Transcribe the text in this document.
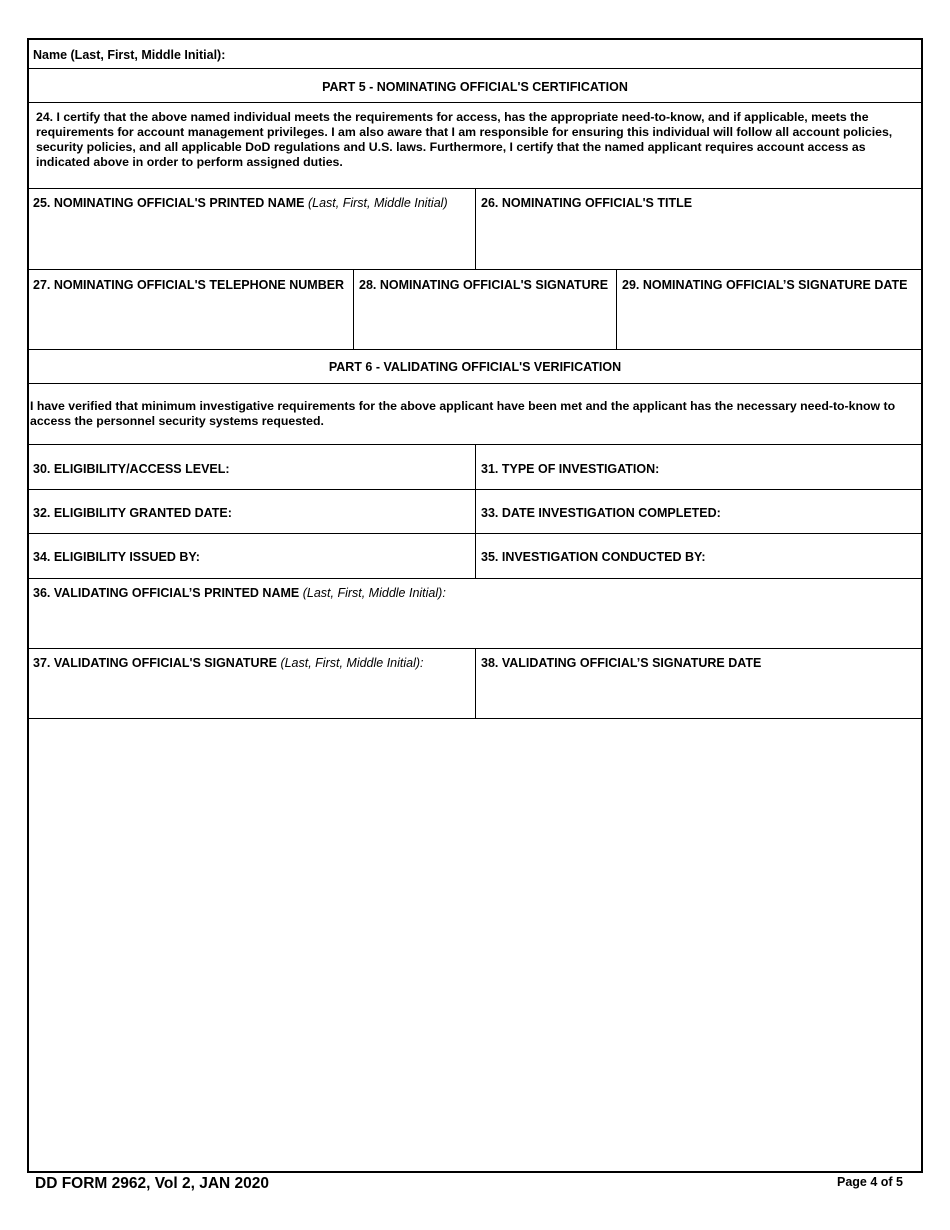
Name (Last, First, Middle Initial):
PART 5 - NOMINATING OFFICIAL'S CERTIFICATION
24. I certify that the above named individual meets the requirements for access, has the appropriate need-to-know, and if applicable, meets the requirements for account management privileges. I am also aware that I am responsible for ensuring this individual will follow all account policies, security policies, and all applicable DoD regulations and U.S. laws. Furthermore, I certify that the named applicant requires account access as indicated above in order to perform assigned duties.
25. NOMINATING OFFICIAL'S PRINTED NAME (Last, First, Middle Initial)	26. NOMINATING OFFICIAL'S TITLE
27. NOMINATING OFFICIAL'S TELEPHONE NUMBER	28. NOMINATING OFFICIAL'S SIGNATURE	29. NOMINATING OFFICIAL’S SIGNATURE DATE
PART 6 - VALIDATING OFFICIAL'S VERIFICATION
I have verified that minimum investigative requirements for the above applicant have been met and the applicant has the necessary need-to-know to access the personnel security systems requested.
30. ELIGIBILITY/ACCESS LEVEL:	31. TYPE OF INVESTIGATION:
32. ELIGIBILITY GRANTED DATE:	33. DATE INVESTIGATION COMPLETED:
34. ELIGIBILITY ISSUED BY:	35. INVESTIGATION CONDUCTED BY:
36. VALIDATING OFFICIAL’S PRINTED NAME (Last, First, Middle Initial):
37. VALIDATING OFFICIAL'S SIGNATURE (Last, First, Middle Initial):	38. VALIDATING OFFICIAL’S SIGNATURE DATE
DD FORM 2962, Vol 2, JAN 2020	Page 4 of 5
